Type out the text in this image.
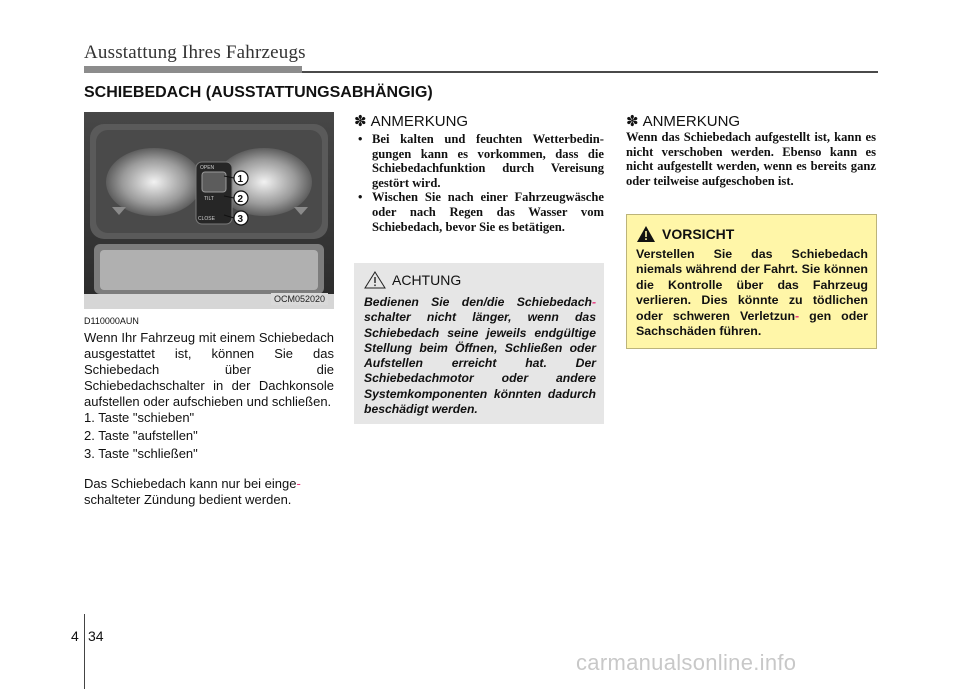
Ausstattung Ihres Fahrzeugs
SCHIEBEDACH (AUSSTATTUNGSABHÄNGIG)
OPEN
TILT
CLOSE
1
2
3
OCM052020
D110000AUN

Wenn Ihr Fahrzeug mit einem Schiebedach ausgestattet ist, können Sie das Schiebedach über die Schiebedachschalter in der Dachkonsole aufstellen oder aufschieben und schließen.

1. Taste "schieben"

2. Taste "aufstellen"

3. Taste "schließen"

Das Schiebedach kann nur bei einge-
schalteter Zündung bedient werden.

✽ ANMERKUNG
• Bei kalten und feuchten Wetterbedin-gungen kann es vorkommen, dass die Schiebedachfunktion durch Vereisung gestört wird.
• Wischen Sie nach einer Fahrzeugwäsche oder nach Regen das Wasser vom Schiebedach, bevor Sie es betätigen.
ACHTUNG
Bedienen Sie den/die Schiebedach- schalter nicht länger, wenn das Schiebedach seine jeweils endgültige Stellung beim Öffnen, Schließen oder Aufstellen erreicht hat. Der Schiebedachmotor oder andere Systemkomponenten könnten dadurch beschädigt werden.
✽ ANMERKUNG

Wenn das Schiebedach aufgestellt ist, kann es nicht verschoben werden. Ebenso kann es nicht aufgestellt werden, wenn es bereits ganz oder teilweise aufgeschoben ist.

VORSICHT
Verstellen Sie das Schiebedach niemals während der Fahrt. Sie können die Kontrolle über das Fahrzeug verlieren. Dies könnte zu tödlichen oder schweren Verletzun- gen oder Sachschäden führen.
4 34
carmanualsonline.info
